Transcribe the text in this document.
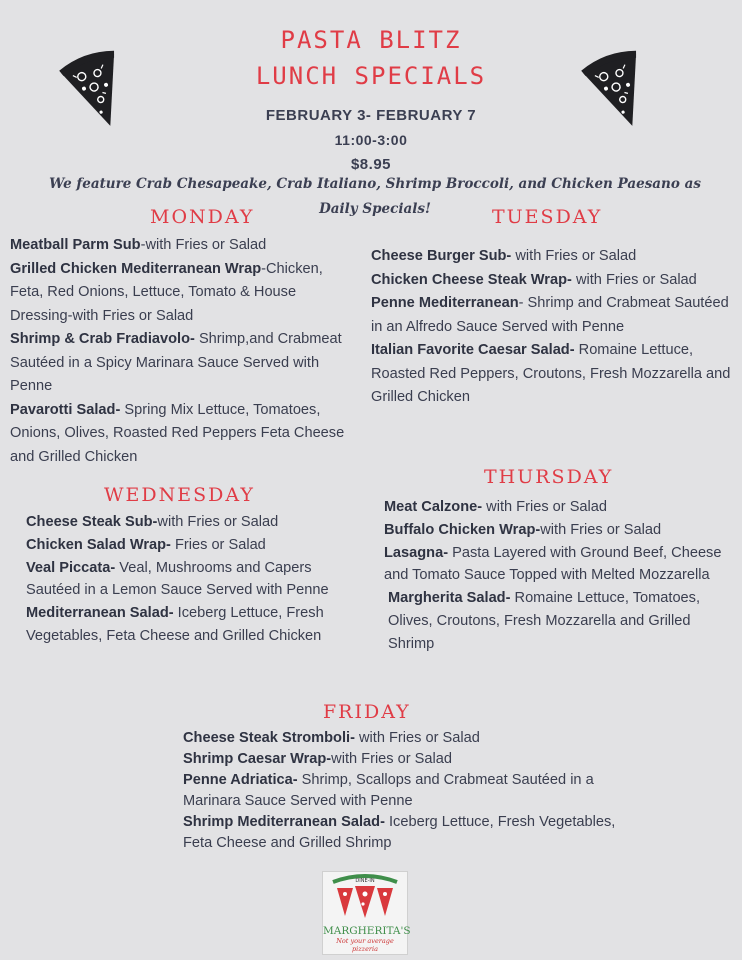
PASTA BLITZ
LUNCH SPECIALS
FEBRUARY 3- FEBRUARY 7
11:00-3:00
$8.95
We feature Crab Chesapeake, Crab Italiano, Shrimp Broccoli, and Chicken Paesano as
Daily Specials!
MONDAY

Meatball Parm Sub-with Fries or Salad

Grilled Chicken Mediterranean Wrap-Chicken, Feta, Red Onions, Lettuce, Tomato & House Dressing-with Fries or Salad

Shrimp & Crab Fradiavolo- Shrimp,and Crabmeat Sautéed in a Spicy Marinara Sauce Served with Penne

Pavarotti Salad- Spring Mix Lettuce, Tomatoes, Onions, Olives, Roasted Red Peppers Feta Cheese and Grilled Chicken

TUESDAY

Cheese Burger Sub- with Fries or Salad

Chicken Cheese Steak Wrap- with Fries or Salad

Penne Mediterranean- Shrimp and Crabmeat Sautéed in an Alfredo Sauce Served with Penne

Italian Favorite Caesar Salad- Romaine Lettuce, Roasted Red Peppers, Croutons, Fresh Mozzarella and Grilled Chicken

WEDNESDAY

Cheese Steak Sub-with Fries or Salad

Chicken Salad Wrap- Fries or Salad

Veal Piccata- Veal, Mushrooms and Capers Sautéed in a Lemon Sauce Served with Penne

Mediterranean Salad- Iceberg Lettuce, Fresh Vegetables, Feta Cheese and Grilled Chicken

THURSDAY

Meat Calzone- with Fries or Salad

Buffalo Chicken Wrap-with Fries or Salad

Lasagna- Pasta Layered with Ground Beef, Cheese and Tomato Sauce Topped with Melted Mozzarella

Margherita Salad- Romaine Lettuce, Tomatoes, Olives, Croutons, Fresh Mozzarella and Grilled Shrimp

FRIDAY

Cheese Steak Stromboli- with Fries or Salad

Shrimp Caesar Wrap-with Fries or Salad

Penne Adriatica- Shrimp, Scallops and Crabmeat Sautéed in a Marinara Sauce Served with Penne

Shrimp Mediterranean Salad- Iceberg Lettuce, Fresh Vegetables, Feta Cheese and Grilled Shrimp

DINE-IN
MARGHERITA'S
Not your average pizzeria
